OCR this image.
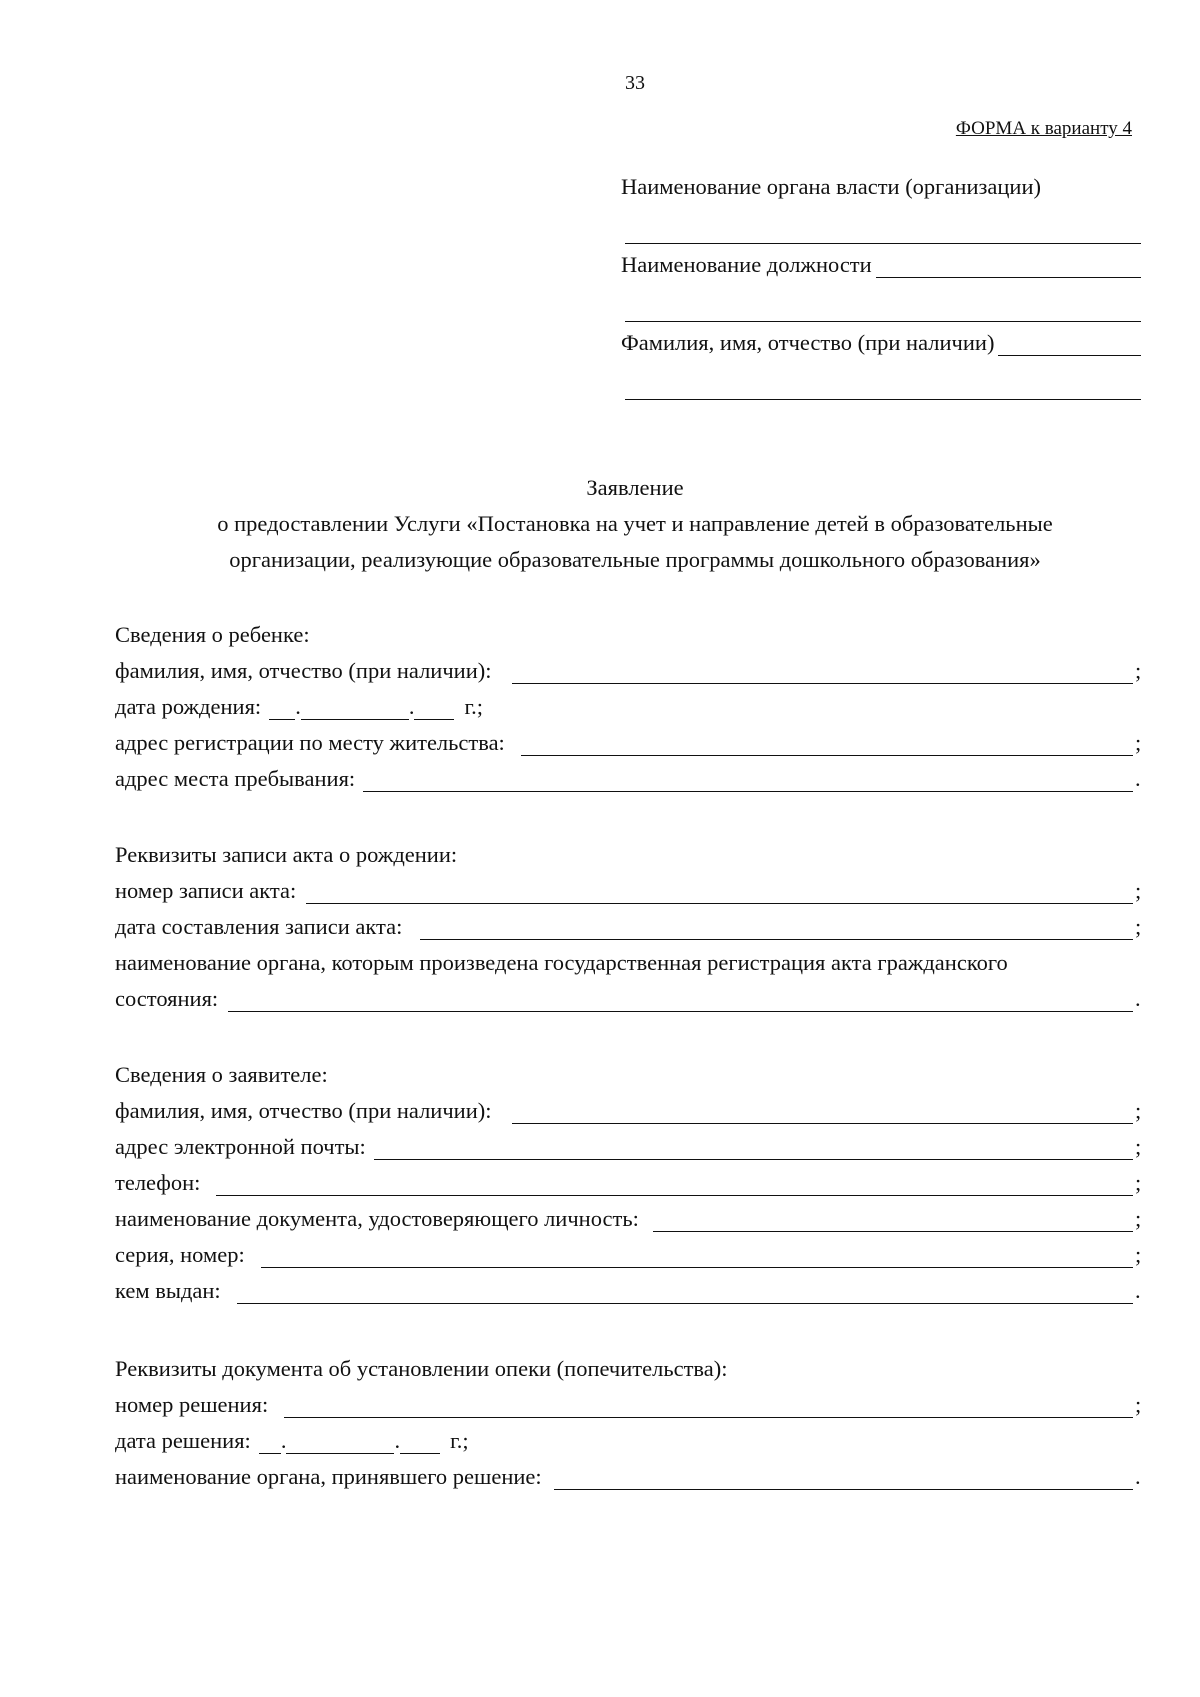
33
ФОРМА к варианту 4
Наименование органа власти (организации)
Наименование должности
Фамилия, имя, отчество (при наличии)
Заявление
о предоставлении Услуги «Постановка на учет и направление детей в образовательные
организации, реализующие образовательные программы дошкольного образования»
Сведения о ребенке:
фамилия, имя, отчество (при наличии):	;
дата рождения: .	. г.;
адрес регистрации по месту жительства:	;
адрес места пребывания:	.
Реквизиты записи акта о рождении:
номер записи акта:	;
дата составления записи акта:	;
наименование органа, которым произведена государственная регистрация акта гражданского
состояния:	.
Сведения о заявителе:
фамилия, имя, отчество (при наличии):	;
адрес электронной почты:	;
телефон:	;
наименование документа, удостоверяющего личность:	;
серия, номер:	;
кем выдан:	.
Реквизиты документа об установлении опеки (попечительства):
номер решения:	;
дата решения: .	. г.;
наименование органа, принявшего решение:	.
